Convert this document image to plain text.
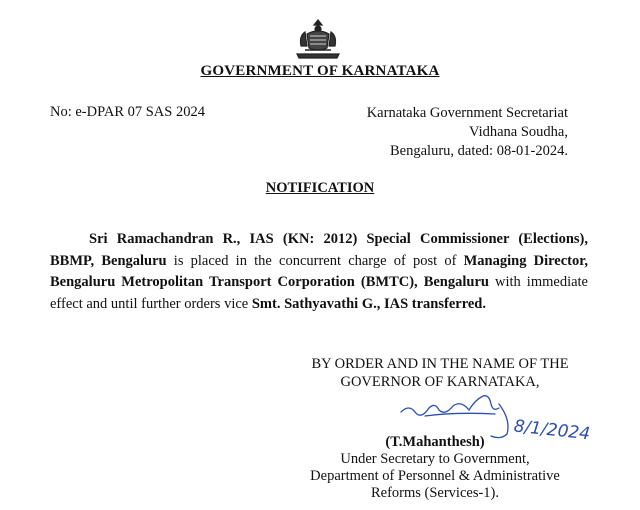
GOVERNMENT OF KARNATAKA
No: e-DPAR 07 SAS 2024	Karnataka Government Secretariat
Vidhana Soudha,
Bengaluru, dated: 08-01-2024.
NOTIFICATION

Sri Ramachandran R., IAS (KN: 2012) Special Commissioner (Elections), BBMP, Bengaluru is placed in the concurrent charge of post of Managing Director, Bengaluru Metropolitan Transport Corporation (BMTC), Bengaluru with immediate effect and until further orders vice Smt. Sathyavathi G., IAS transferred.

BY ORDER AND IN THE NAME OF THE
GOVERNOR OF KARNATAKA,
8/1/2024
(T.Mahanthesh)
Under Secretary to Government,
Department of Personnel & Administrative
Reforms (Services-1).
